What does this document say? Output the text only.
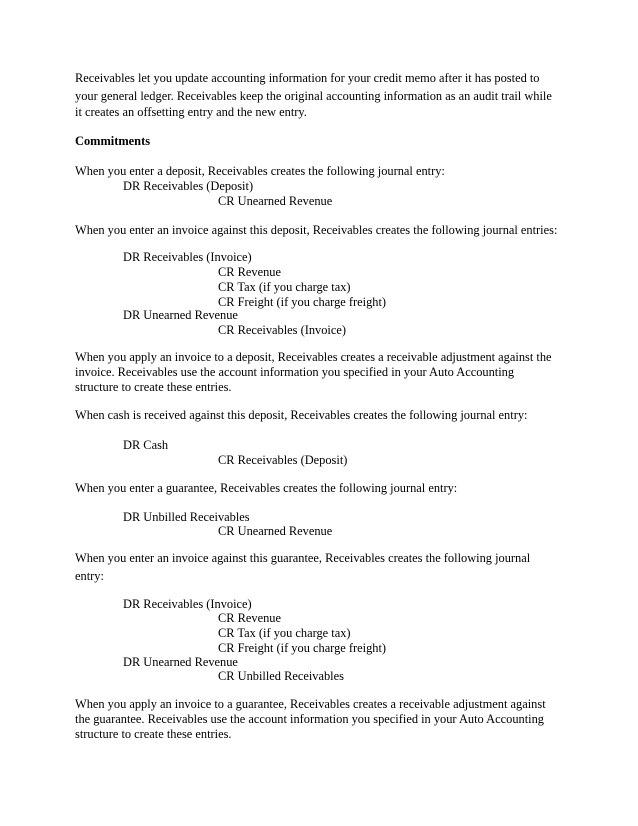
Receivables let you update accounting information for your credit memo after it has posted to
your general ledger. Receivables keep the original accounting information as an audit trail while
it creates an offsetting entry and the new entry.
Commitments
When you enter a deposit, Receivables creates the following journal entry:
DR Receivables (Deposit)
CR Unearned Revenue
When you enter an invoice against this deposit, Receivables creates the following journal entries:
DR Receivables (Invoice)
CR Revenue
CR Tax (if you charge tax)
CR Freight (if you charge freight)
DR Unearned Revenue
CR Receivables (Invoice)
When you apply an invoice to a deposit, Receivables creates a receivable adjustment against the
invoice. Receivables use the account information you specified in your Auto Accounting
structure to create these entries.
When cash is received against this deposit, Receivables creates the following journal entry:
DR Cash
CR Receivables (Deposit)
When you enter a guarantee, Receivables creates the following journal entry:
DR Unbilled Receivables
CR Unearned Revenue
When you enter an invoice against this guarantee, Receivables creates the following journal
entry:
DR Receivables (Invoice)
CR Revenue
CR Tax (if you charge tax)
CR Freight (if you charge freight)
DR Unearned Revenue
CR Unbilled Receivables
When you apply an invoice to a guarantee, Receivables creates a receivable adjustment against
the guarantee. Receivables use the account information you specified in your Auto Accounting
structure to create these entries.
